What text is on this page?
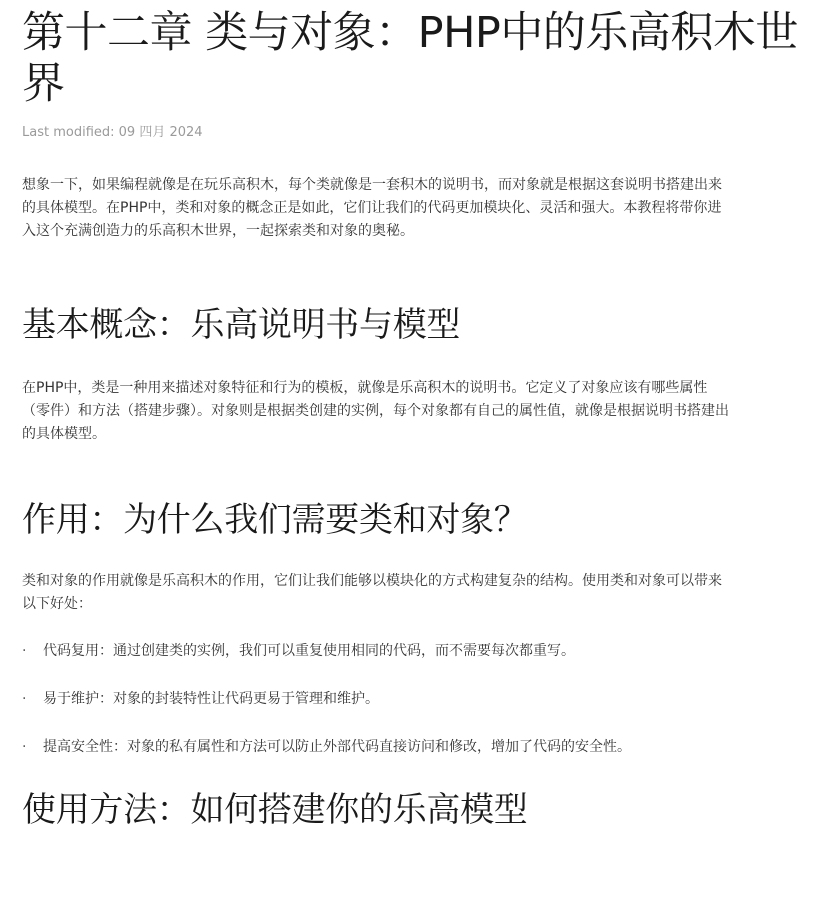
第十二章 类与对象：PHP中的乐高积木世界
Last modified: 09 四月 2024

想象一下，如果编程就像是在玩乐高积木，每个类就像是一套积木的说明书，而对象就是根据这套说明书搭建出来的具体模型。在PHP中，类和对象的概念正是如此，它们让我们的代码更加模块化、灵活和强大。本教程将带你进入这个充满创造力的乐高积木世界，一起探索类和对象的奥秘。

基本概念：乐高说明书与模型

在PHP中，类是一种用来描述对象特征和行为的模板，就像是乐高积木的说明书。它定义了对象应该有哪些属性（零件）和方法（搭建步骤）。对象则是根据类创建的实例，每个对象都有自己的属性值，就像是根据说明书搭建出的具体模型。

作用：为什么我们需要类和对象？

类和对象的作用就像是乐高积木的作用，它们让我们能够以模块化的方式构建复杂的结构。使用类和对象可以带来以下好处：

· 代码复用：通过创建类的实例，我们可以重复使用相同的代码，而不需要每次都重写。
· 易于维护：对象的封装特性让代码更易于管理和维护。
· 提高安全性：对象的私有属性和方法可以防止外部代码直接访问和修改，增加了代码的安全性。
使用方法：如何搭建你的乐高模型
